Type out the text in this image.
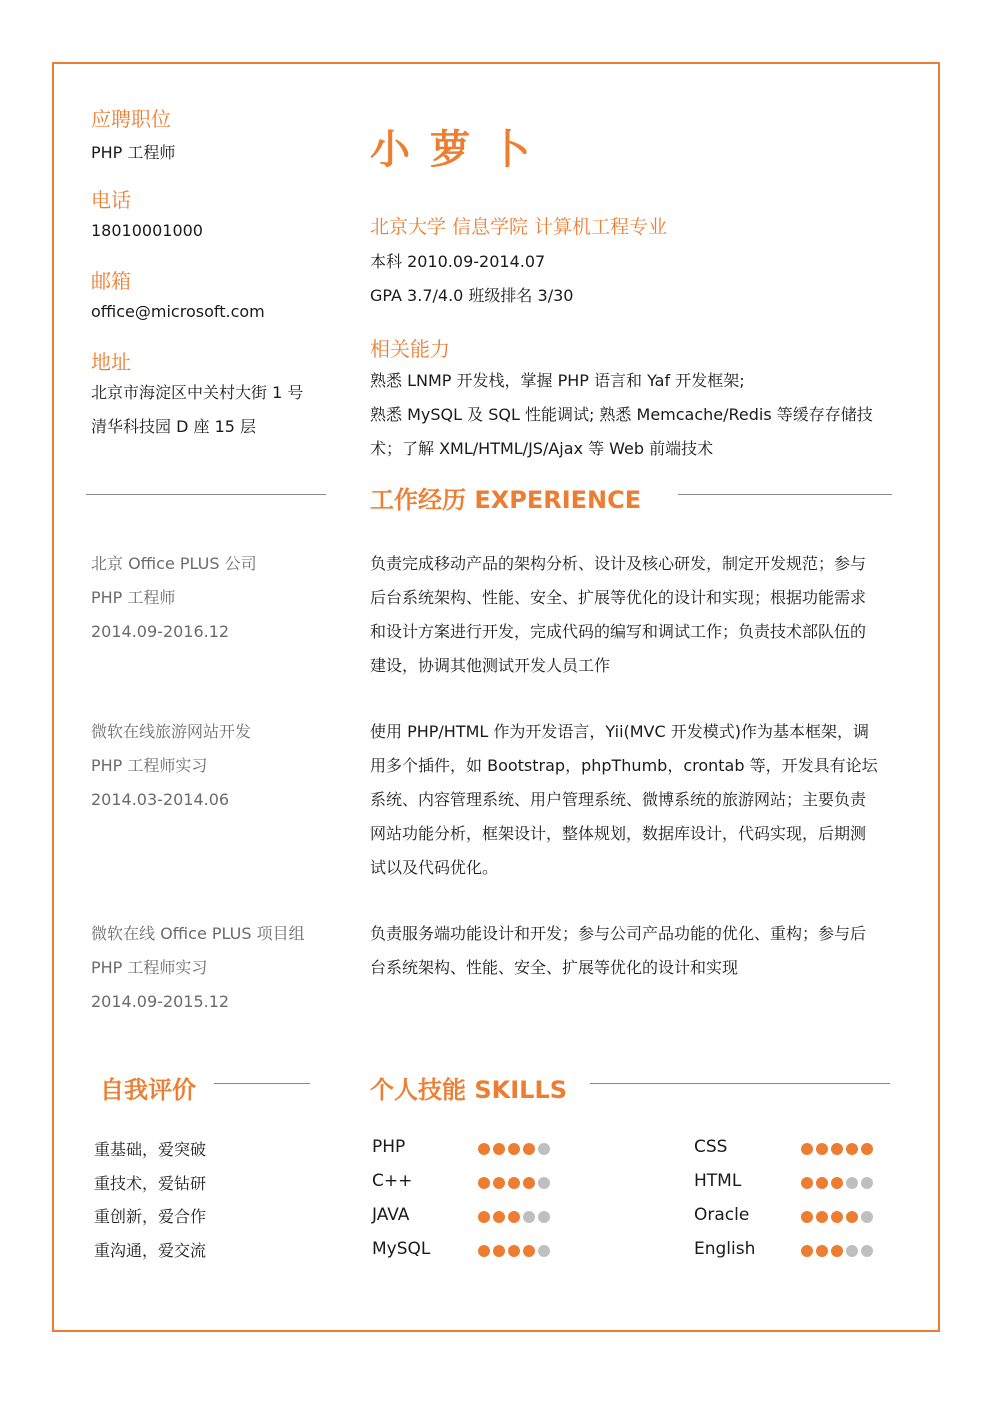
应聘职位
PHP 工程师
电话
18010001000
邮箱
office@microsoft.com
地址
北京市海淀区中关村大街 1 号
清华科技园 D 座 15 层
小萝卜
北京大学 信息学院 计算机工程专业
本科 2010.09-2014.07
GPA 3.7/4.0 班级排名 3/30
相关能力
熟悉 LNMP 开发栈，掌握 PHP 语言和 Yaf 开发框架;
熟悉 MySQL 及 SQL 性能调试; 熟悉 Memcache/Redis 等缓存存储技
术；了解 XML/HTML/JS/Ajax 等 Web 前端技术
工作经历 EXPERIENCE
北京 Office PLUS 公司
PHP 工程师
2014.09-2016.12
负责完成移动产品的架构分析、设计及核心研发，制定开发规范；参与
后台系统架构、性能、安全、扩展等优化的设计和实现；根据功能需求
和设计方案进行开发，完成代码的编写和调试工作；负责技术部队伍的
建设，协调其他测试开发人员工作
微软在线旅游网站开发
PHP 工程师实习
2014.03-2014.06
使用 PHP/HTML 作为开发语言，Yii(MVC 开发模式)作为基本框架，调
用多个插件，如 Bootstrap，phpThumb，crontab 等，开发具有论坛
系统、内容管理系统、用户管理系统、微博系统的旅游网站；主要负责
网站功能分析，框架设计，整体规划，数据库设计，代码实现，后期测
试以及代码优化。
微软在线 Office PLUS 项目组
PHP 工程师实习
2014.09-2015.12
负责服务端功能设计和开发；参与公司产品功能的优化、重构；参与后
台系统架构、性能、安全、扩展等优化的设计和实现
自我评价
重基础，爱突破
重技术，爱钻研
重创新，爱合作
重沟通，爱交流
个人技能 SKILLS
PHP
C++
JAVA
MySQL
CSS
HTML
Oracle
English
